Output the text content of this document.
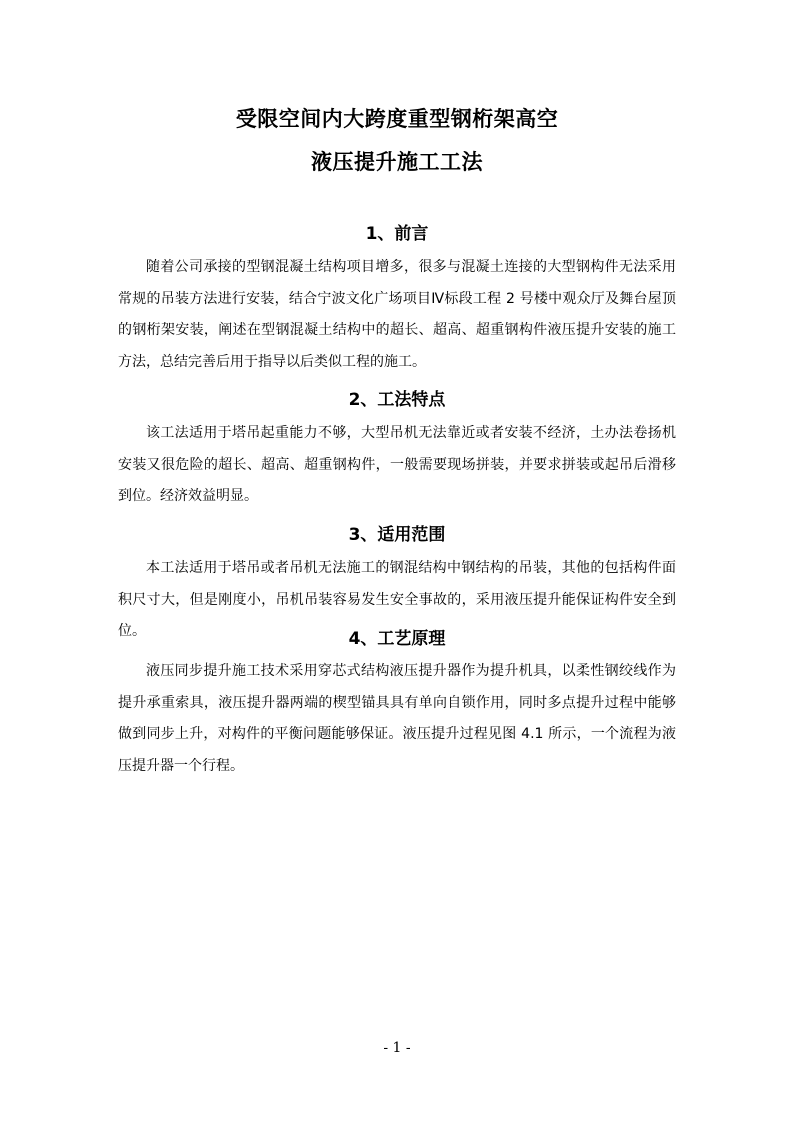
受限空间内大跨度重型钢桁架高空
液压提升施工工法
1、前言

随着公司承接的型钢混凝土结构项目增多，很多与混凝土连接的大型钢构件无法采用常规的吊装方法进行安装，结合宁波文化广场项目Ⅳ标段工程 2 号楼中观众厅及舞台屋顶的钢桁架安装，阐述在型钢混凝土结构中的超长、超高、超重钢构件液压提升安装的施工方法，总结完善后用于指导以后类似工程的施工。

2、工法特点

该工法适用于塔吊起重能力不够，大型吊机无法靠近或者安装不经济，土办法卷扬机安装又很危险的超长、超高、超重钢构件，一般需要现场拼装，并要求拼装或起吊后滑移到位。经济效益明显。

3、适用范围

本工法适用于塔吊或者吊机无法施工的钢混结构中钢结构的吊装，其他的包括构件面积尺寸大，但是刚度小，吊机吊装容易发生安全事故的，采用液压提升能保证构件安全到位。	4、工艺原理

液压同步提升施工技术采用穿芯式结构液压提升器作为提升机具，以柔性钢绞线作为提升承重索具，液压提升器两端的楔型锚具具有单向自锁作用，同时多点提升过程中能够做到同步上升，对构件的平衡问题能够保证。液压提升过程见图 4.1 所示，一个流程为液压提升器一个行程。

- 1 -
